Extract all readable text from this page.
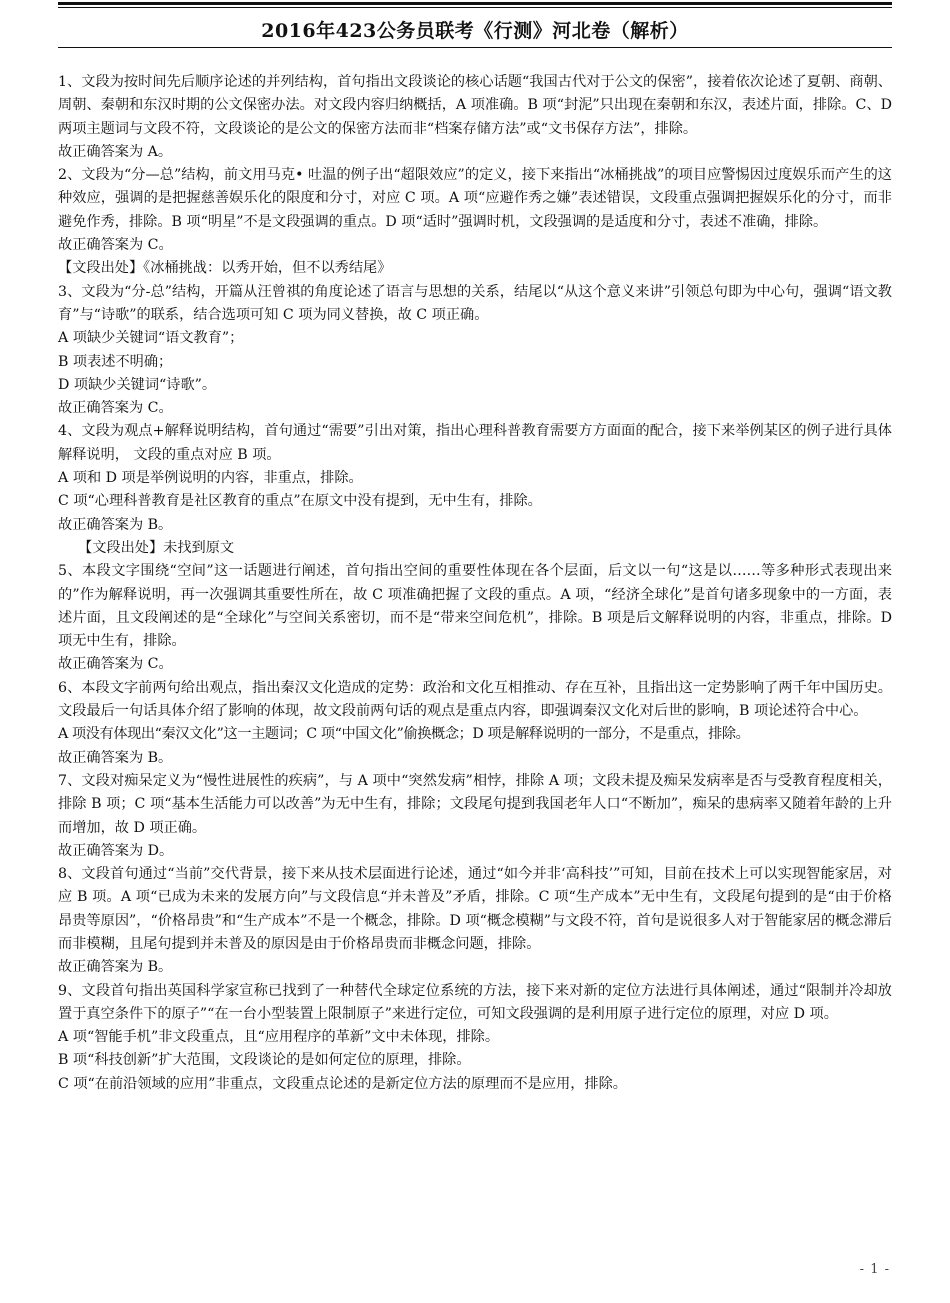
2016年423公务员联考《行测》河北卷（解析）

1、文段为按时间先后顺序论述的并列结构，首句指出文段谈论的核心话题“我国古代对于公文的保密”，接着依次论述了夏朝、商朝、周朝、秦朝和东汉时期的公文保密办法。对文段内容归纳概括，A 项准确。B 项“封泥”只出现在秦朝和东汉，表述片面，排除。C、D 两项主题词与文段不符，文段谈论的是公文的保密方法而非“档案存储方法”或“文书保存方法”，排除。

故正确答案为 A。

2、文段为“分—总”结构，前文用马克• 吐温的例子出“超限效应”的定义，接下来指出“冰桶挑战”的项目应警惕因过度娱乐而产生的这种效应，强调的是把握慈善娱乐化的限度和分寸，对应 C 项。A 项“应避作秀之嫌”表述错误，文段重点强调把握娱乐化的分寸，而非避免作秀，排除。B 项“明星”不是文段强调的重点。D 项“适时”强调时机，文段强调的是适度和分寸，表述不准确，排除。

故正确答案为 C。

【文段出处】《冰桶挑战：以秀开始，但不以秀结尾》

3、文段为“分-总”结构，开篇从汪曾祺的角度论述了语言与思想的关系，结尾以“从这个意义来讲”引领总句即为中心句，强调“语文教育”与“诗歌”的联系，结合选项可知 C 项为同义替换，故 C 项正确。

A 项缺少关键词“语文教育”；

B 项表述不明确；

D 项缺少关键词“诗歌”。

故正确答案为 C。

4、文段为观点+解释说明结构，首句通过“需要”引出对策，指出心理科普教育需要方方面面的配合，接下来举例某区的例子进行具体解释说明， 文段的重点对应 B 项。

A 项和 D 项是举例说明的内容，非重点，排除。

C 项“心理科普教育是社区教育的重点”在原文中没有提到，无中生有，排除。

故正确答案为 B。

【文段出处】未找到原文

5、本段文字围绕“空间”这一话题进行阐述，首句指出空间的重要性体现在各个层面，后文以一句“这是以……等多种形式表现出来的”作为解释说明，再一次强调其重要性所在，故 C 项准确把握了文段的重点。A 项，“经济全球化”是首句诸多现象中的一方面，表述片面，且文段阐述的是“全球化”与空间关系密切，而不是“带来空间危机”，排除。B 项是后文解释说明的内容，非重点，排除。D 项无中生有，排除。

故正确答案为 C。

6、本段文字前两句给出观点，指出秦汉文化造成的定势：政治和文化互相推动、存在互补，且指出这一定势影响了两千年中国历史。文段最后一句话具体介绍了影响的体现，故文段前两句话的观点是重点内容，即强调秦汉文化对后世的影响，B 项论述符合中心。

A 项没有体现出“秦汉文化”这一主题词；C 项“中国文化”偷换概念；D 项是解释说明的一部分，不是重点，排除。

故正确答案为 B。

7、文段对痴呆定义为“慢性进展性的疾病”，与 A 项中“突然发病”相悖，排除 A 项；文段未提及痴呆发病率是否与受教育程度相关，排除 B 项；C 项“基本生活能力可以改善”为无中生有，排除；文段尾句提到我国老年人口“不断加”，痴呆的患病率又随着年龄的上升而增加，故 D 项正确。

故正确答案为 D。

8、文段首句通过“当前”交代背景，接下来从技术层面进行论述，通过“如今并非‘高科技’”可知，目前在技术上可以实现智能家居，对应 B 项。A 项“已成为未来的发展方向”与文段信息“并未普及”矛盾，排除。C 项“生产成本”无中生有，文段尾句提到的是“由于价格昂贵等原因”，“价格昂贵”和“生产成本”不是一个概念，排除。D 项“概念模糊”与文段不符，首句是说很多人对于智能家居的概念滞后而非模糊，且尾句提到并未普及的原因是由于价格昂贵而非概念问题，排除。

故正确答案为 B。

9、文段首句指出英国科学家宣称已找到了一种替代全球定位系统的方法，接下来对新的定位方法进行具体阐述，通过“限制并冷却放置于真空条件下的原子”“在一台小型装置上限制原子”来进行定位，可知文段强调的是利用原子进行定位的原理，对应 D 项。

A 项“智能手机”非文段重点，且“应用程序的革新”文中未体现，排除。

B 项“科技创新”扩大范围，文段谈论的是如何定位的原理，排除。

C 项“在前沿领域的应用”非重点，文段重点论述的是新定位方法的原理而不是应用，排除。

- 1 -
